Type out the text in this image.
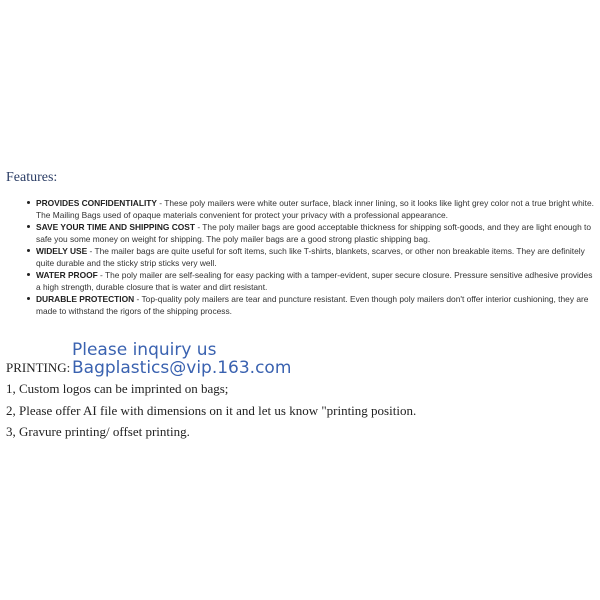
Features:
PROVIDES CONFIDENTIALITY - These poly mailers were white outer surface, black inner lining, so it looks like light grey color not a true bright white. The Mailing Bags used of opaque materials convenient for protect your privacy with a professional appearance.
SAVE YOUR TIME AND SHIPPING COST - The poly mailer bags are good acceptable thickness for shipping soft-goods, and they are light enough to safe you some money on weight for shipping. The poly mailer bags are a good strong plastic shipping bag.
WIDELY USE - The mailer bags are quite useful for soft items, such like T-shirts, blankets, scarves, or other non breakable items. They are definitely quite durable and the sticky strip sticks very well.
WATER PROOF - The poly mailer are self-sealing for easy packing with a tamper-evident, super secure closure. Pressure sensitive adhesive provides a high strength, durable closure that is water and dirt resistant.
DURABLE PROTECTION - Top-quality poly mailers are tear and puncture resistant. Even though poly mailers don't offer interior cushioning, they are made to withstand the rigors of the shipping process.
PRINTING:
Please inquiry us
Bagplastics@vip.163.com
1, Custom logos can be imprinted on bags;
2, Please offer AI file with dimensions on it and let us know "printing position.
3, Gravure printing/ offset printing.
